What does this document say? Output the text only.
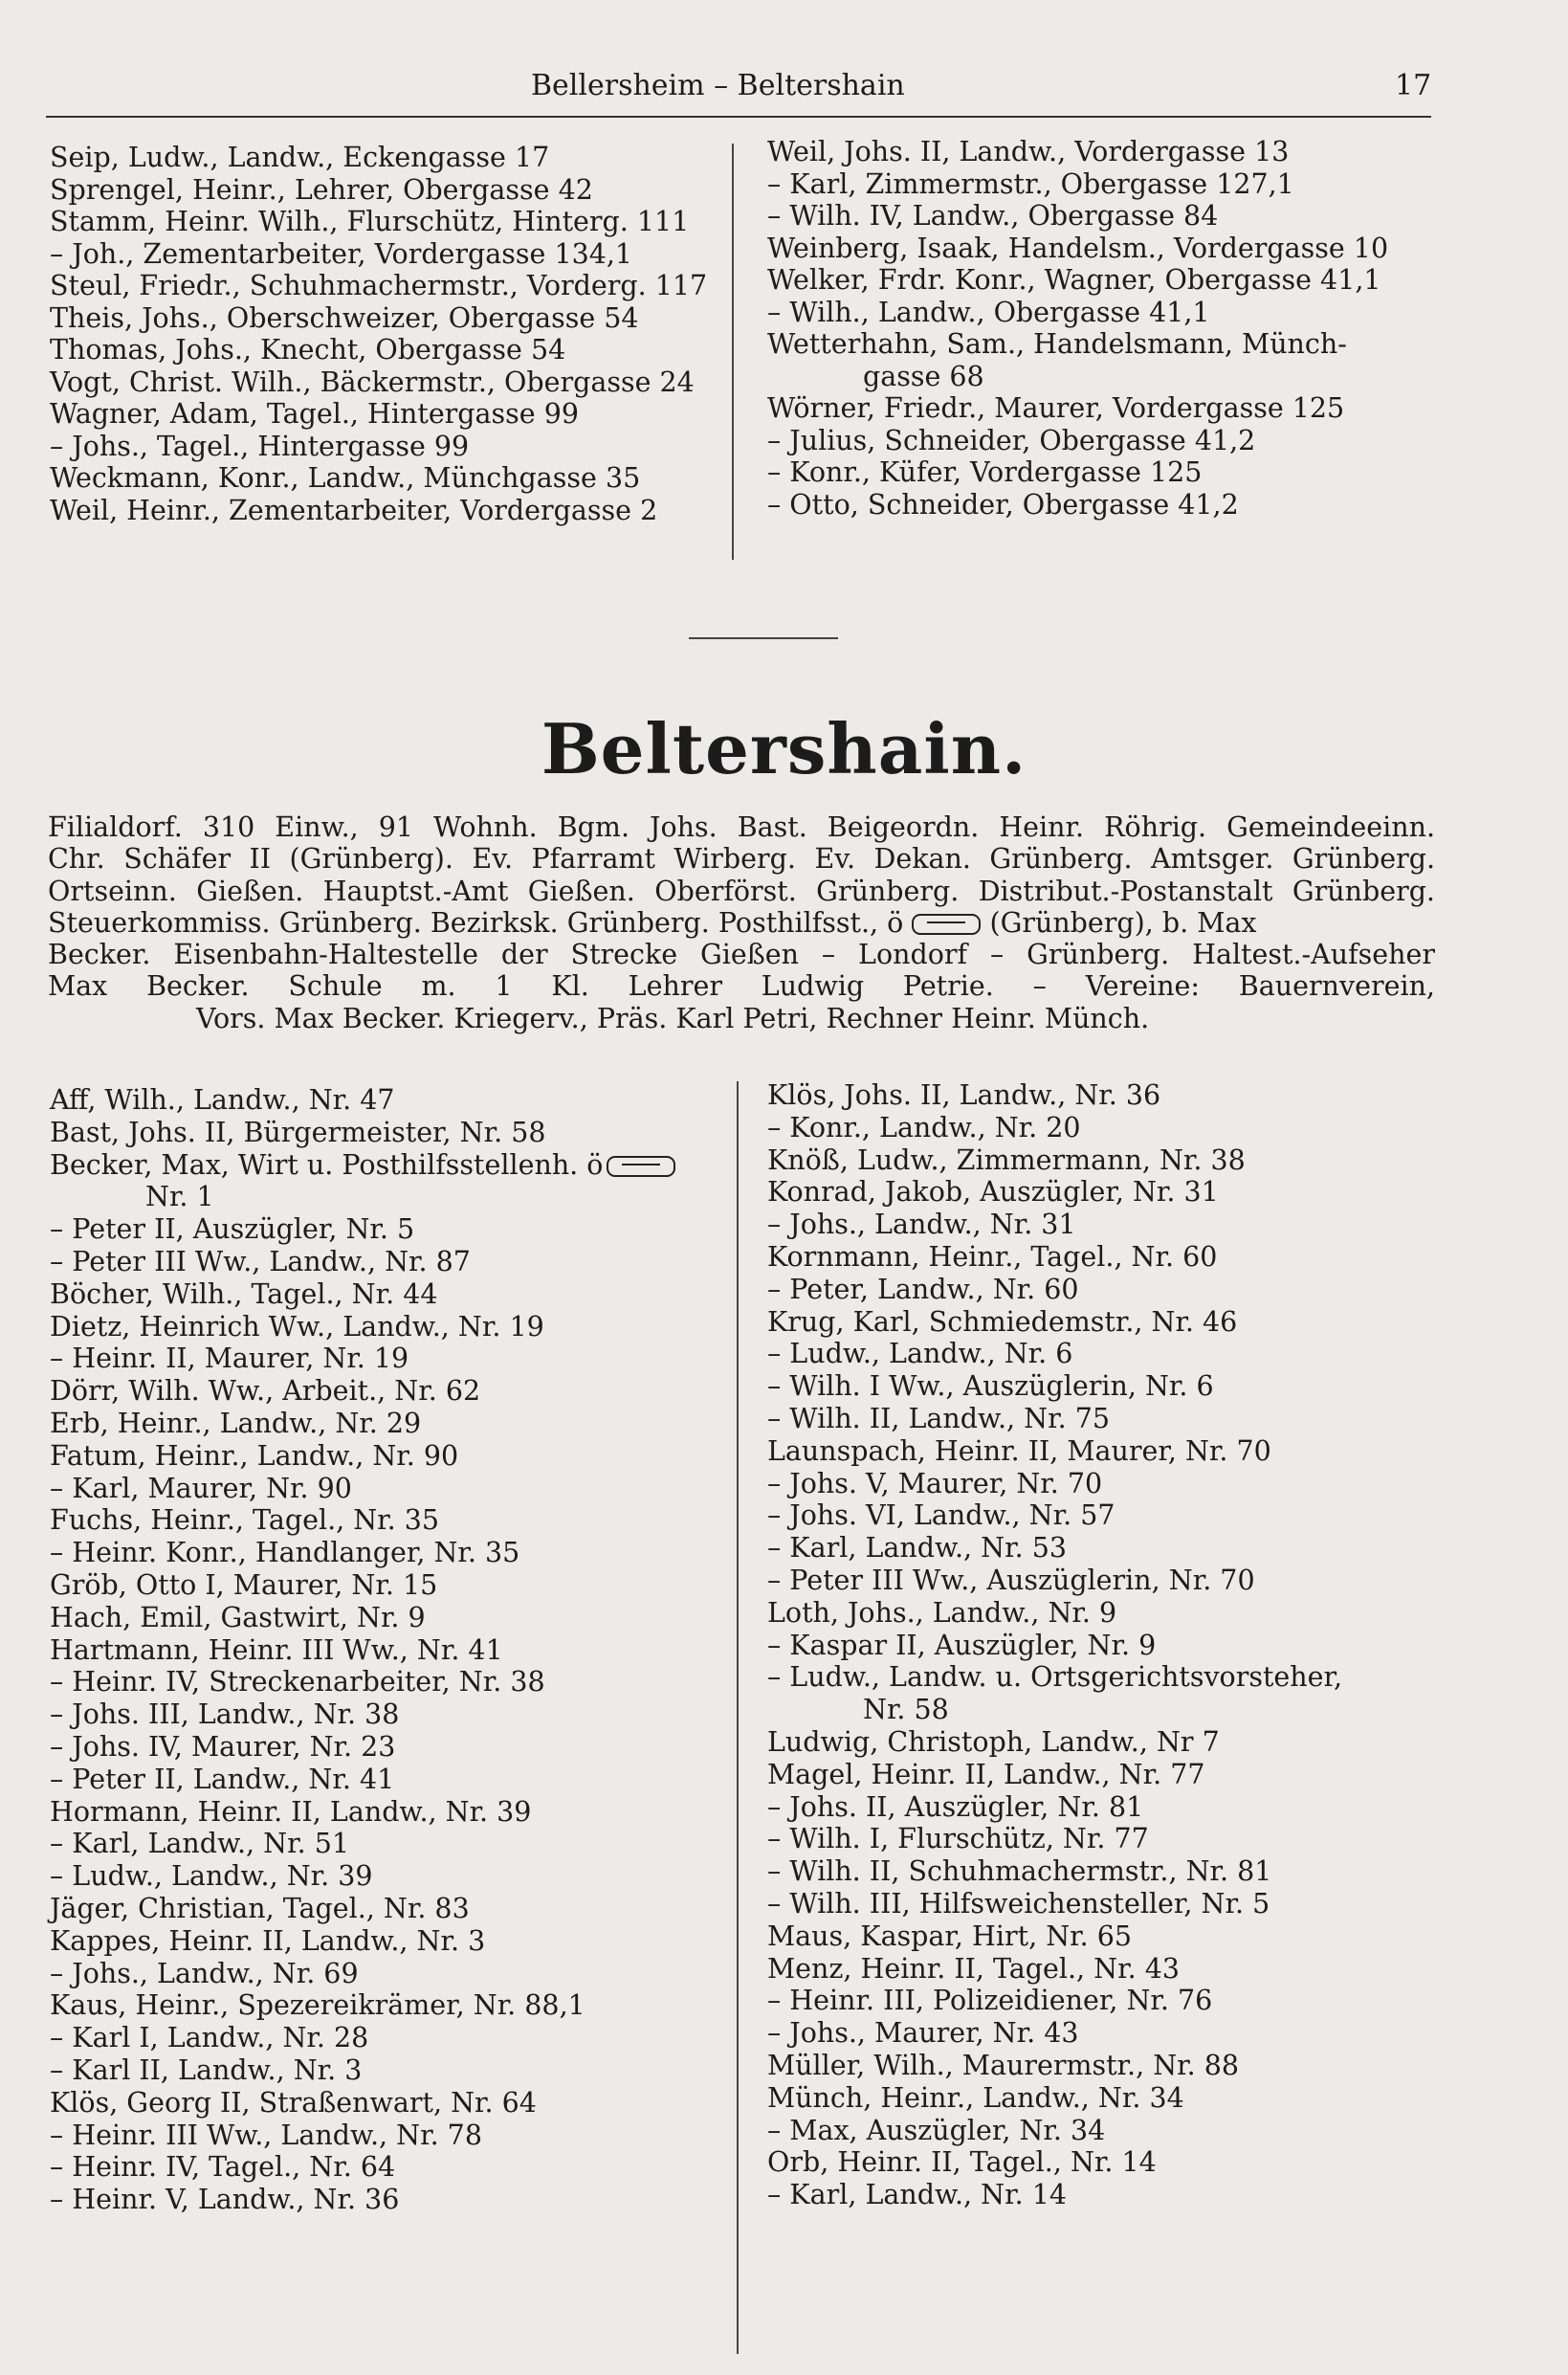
Bellersheim – Beltershain	17
Seip, Ludw., Landw., Eckengasse 17
Sprengel, Heinr., Lehrer, Obergasse 42
Stamm, Heinr. Wilh., Flurschütz, Hinterg. 111
– Joh., Zementarbeiter, Vordergasse 134,1
Steul, Friedr., Schuhmachermstr., Vorderg. 117
Theis, Johs., Oberschweizer, Obergasse 54
Thomas, Johs., Knecht, Obergasse 54
Vogt, Christ. Wilh., Bäckermstr., Obergasse 24
Wagner, Adam, Tagel., Hintergasse 99
– Johs., Tagel., Hintergasse 99
Weckmann, Konr., Landw., Münchgasse 35
Weil, Heinr., Zementarbeiter, Vordergasse 2
Weil, Johs. II, Landw., Vordergasse 13
– Karl, Zimmermstr., Obergasse 127,1
– Wilh. IV, Landw., Obergasse 84
Weinberg, Isaak, Handelsm., Vordergasse 10
Welker, Frdr. Konr., Wagner, Obergasse 41,1
– Wilh., Landw., Obergasse 41,1
Wetterhahn, Sam., Handelsmann, Münch-
gasse 68
Wörner, Friedr., Maurer, Vordergasse 125
– Julius, Schneider, Obergasse 41,2
– Konr., Küfer, Vordergasse 125
– Otto, Schneider, Obergasse 41,2
Beltershain.
Filialdorf. 310 Einw., 91 Wohnh. Bgm. Johs. Bast. Beigeordn. Heinr. Röhrig. Gemeindeeinn.
Chr. Schäfer II (Grünberg). Ev. Pfarramt Wirberg. Ev. Dekan. Grünberg. Amtsger. Grünberg.
Ortseinn. Gießen. Hauptst.-Amt Gießen. Oberförst. Grünberg. Distribut.-Postanstalt Grünberg.
Steuerkommiss. Grünberg. Bezirksk. Grünberg. Posthilfsst., ö	(Grünberg), b. Max
Becker. Eisenbahn-Haltestelle der Strecke Gießen – Londorf – Grünberg. Haltest.-Aufseher
Max Becker. Schule m. 1 Kl. Lehrer Ludwig Petrie. – Vereine: Bauernverein,
Vors. Max Becker. Kriegerv., Präs. Karl Petri, Rechner Heinr. Münch.
Aff, Wilh., Landw., Nr. 47
Bast, Johs. II, Bürgermeister, Nr. 58
Becker, Max, Wirt u. Posthilfsstellenh. ö
Nr. 1
– Peter II, Auszügler, Nr. 5
– Peter III Ww., Landw., Nr. 87
Böcher, Wilh., Tagel., Nr. 44
Dietz, Heinrich Ww., Landw., Nr. 19
– Heinr. II, Maurer, Nr. 19
Dörr, Wilh. Ww., Arbeit., Nr. 62
Erb, Heinr., Landw., Nr. 29
Fatum, Heinr., Landw., Nr. 90
– Karl, Maurer, Nr. 90
Fuchs, Heinr., Tagel., Nr. 35
– Heinr. Konr., Handlanger, Nr. 35
Gröb, Otto I, Maurer, Nr. 15
Hach, Emil, Gastwirt, Nr. 9
Hartmann, Heinr. III Ww., Nr. 41
– Heinr. IV, Streckenarbeiter, Nr. 38
– Johs. III, Landw., Nr. 38
– Johs. IV, Maurer, Nr. 23
– Peter II, Landw., Nr. 41
Hormann, Heinr. II, Landw., Nr. 39
– Karl, Landw., Nr. 51
– Ludw., Landw., Nr. 39
Jäger, Christian, Tagel., Nr. 83
Kappes, Heinr. II, Landw., Nr. 3
– Johs., Landw., Nr. 69
Kaus, Heinr., Spezereikrämer, Nr. 88,1
– Karl I, Landw., Nr. 28
– Karl II, Landw., Nr. 3
Klös, Georg II, Straßenwart, Nr. 64
– Heinr. III Ww., Landw., Nr. 78
– Heinr. IV, Tagel., Nr. 64
– Heinr. V, Landw., Nr. 36
Klös, Johs. II, Landw., Nr. 36
– Konr., Landw., Nr. 20
Knöß, Ludw., Zimmermann, Nr. 38
Konrad, Jakob, Auszügler, Nr. 31
– Johs., Landw., Nr. 31
Kornmann, Heinr., Tagel., Nr. 60
– Peter, Landw., Nr. 60
Krug, Karl, Schmiedemstr., Nr. 46
– Ludw., Landw., Nr. 6
– Wilh. I Ww., Auszüglerin, Nr. 6
– Wilh. II, Landw., Nr. 75
Launspach, Heinr. II, Maurer, Nr. 70
– Johs. V, Maurer, Nr. 70
– Johs. VI, Landw., Nr. 57
– Karl, Landw., Nr. 53
– Peter III Ww., Auszüglerin, Nr. 70
Loth, Johs., Landw., Nr. 9
– Kaspar II, Auszügler, Nr. 9
– Ludw., Landw. u. Ortsgerichtsvorsteher,
Nr. 58
Ludwig, Christoph, Landw., Nr 7
Magel, Heinr. II, Landw., Nr. 77
– Johs. II, Auszügler, Nr. 81
– Wilh. I, Flurschütz, Nr. 77
– Wilh. II, Schuhmachermstr., Nr. 81
– Wilh. III, Hilfsweichensteller, Nr. 5
Maus, Kaspar, Hirt, Nr. 65
Menz, Heinr. II, Tagel., Nr. 43
– Heinr. III, Polizeidiener, Nr. 76
– Johs., Maurer, Nr. 43
Müller, Wilh., Maurermstr., Nr. 88
Münch, Heinr., Landw., Nr. 34
– Max, Auszügler, Nr. 34
Orb, Heinr. II, Tagel., Nr. 14
– Karl, Landw., Nr. 14
